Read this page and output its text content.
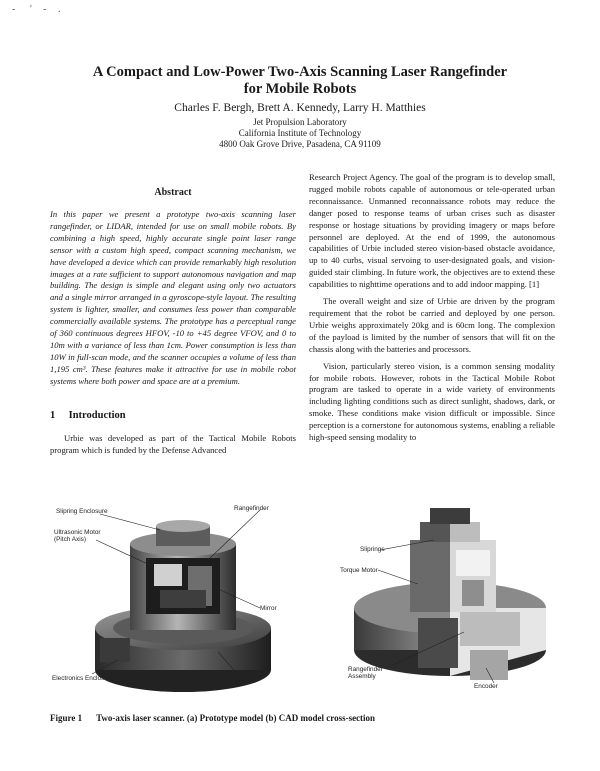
- ' - .
A Compact and Low-Power Two-Axis Scanning Laser Rangefinder
for Mobile Robots
Charles F. Bergh, Brett A. Kennedy, Larry H. Matthies
Jet Propulsion Laboratory
California Institute of Technology
4800 Oak Grove Drive, Pasadena, CA 91109
Abstract

In this paper we present a prototype two-axis scanning laser rangefinder, or LIDAR, intended for use on small mobile robots. By combining a high speed, highly accurate single point laser range sensor with a custom high speed, compact scanning mechanism, we have developed a device which can provide remarkably high resolution images at a rate sufficient to support autonomous navigation and map building. The design is simple and elegant using only two actuators and a single mirror arranged in a gyroscope-style layout. The resulting system is lighter, smaller, and consumes less power than comparable commercially available systems. The prototype has a perceptual range of 360 continuous degrees HFOV, -10 to +45 degree VFOV, and 0 to 10m with a variance of less than 1cm. Power consumption is less than 10W in full-scan mode, and the scanner occupies a volume of less than 1,195 cm³. These features make it attractive for use in mobile robot systems where both power and space are at a premium.

1 Introduction

Urbie was developed as part of the Tactical Mobile Robots program which is funded by the Defense Advanced

Research Project Agency. The goal of the program is to develop small, rugged mobile robots capable of autonomous or tele-operated urban reconnaissance. Unmanned reconnaissance robots may reduce the danger posed to response teams of urban crises such as disaster response or hostage situations by providing imagery or maps before personnel are deployed. At the end of 1999, the autonomous capabilities of Urbie included stereo vision-based obstacle avoidance, up to 40 curbs, visual servoing to user-designated goals, and vision-guided stair climbing. In future work, the objectives are to extend these capabilities to nighttime operations and to add indoor mapping. [1]

The overall weight and size of Urbie are driven by the program requirement that the robot be carried and deployed by one person. Urbie weighs approximately 20kg and is 60cm long. The complexion of the payload is limited by the number of sensors that will fit on the chassis along with the batteries and processors.

Vision, particularly stereo vision, is a common sensing modality for mobile robots. However, robots in the Tactical Mobile Robot program are tasked to operate in a wide variety of environments including lighting conditions such as direct sunlight, shadows, dark, or smoke. These conditions make vision difficult or impossible. Since perception is a cornerstone for autonomous systems, enabling a reliable high-speed sensing modality to

Slipring Enclosure
Ultrasonic Motor
(Pitch Axis)
Rangefinder
Mirror
Electronics Enclosure
Torque Motor Enclosure
(Pan Axis)
Sliprings
Torque Motor
Rangefinder
Assembly
Encoder
Figure 1 Two-axis laser scanner. (a) Prototype model (b) CAD model cross-section
